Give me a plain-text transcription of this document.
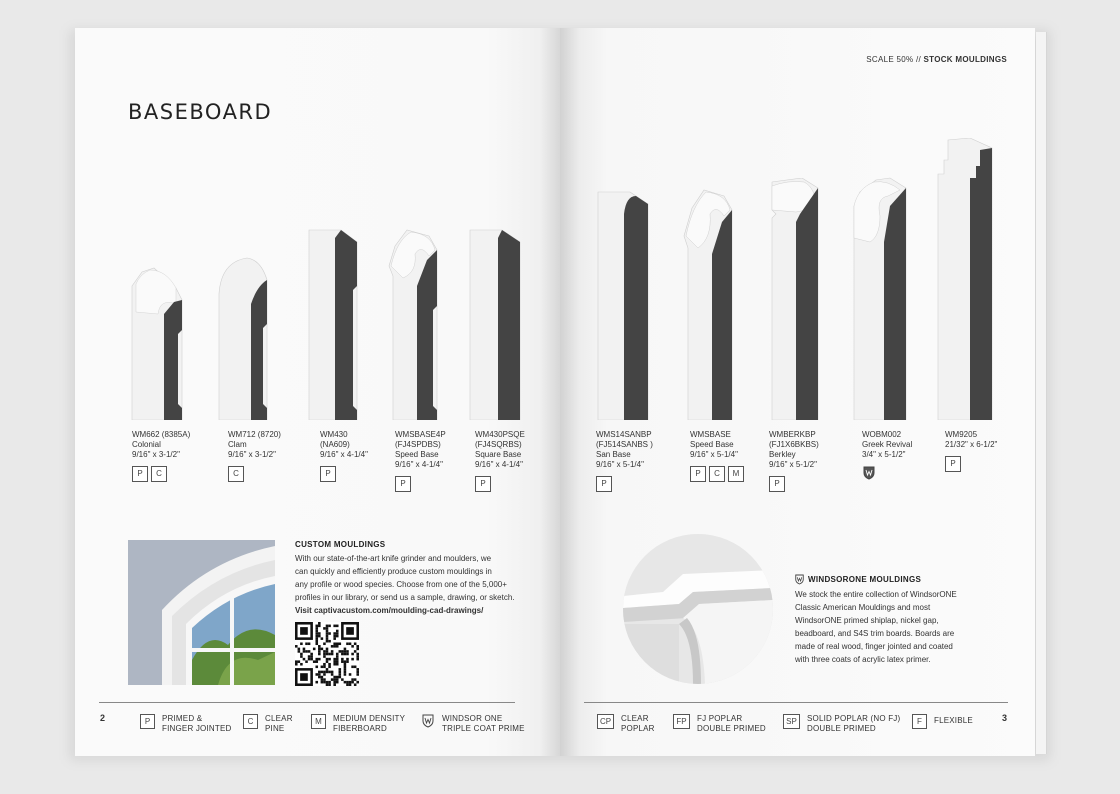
BASEBOARD
WM662 (8385A)
Colonial
9/16" x 3-1/2"
P	C
WM712 (8720)
Clam
9/16" x 3-1/2"
C
WM430
(NA609)
9/16" x 4-1/4"
P
WMSBASE4P
(FJ4SPDBS)
Speed Base
9/16" x 4-1/4"
P
WM430PSQE
(FJ4SQRBS)
Square Base
9/16" x 4-1/4"
P
CUSTOM MOULDINGS
With our state-of-the-art knife grinder and moulders, we
can quickly and efficiently produce custom mouldings in
any profile or wood species. Choose from one of the 5,000+
profiles in our library, or send us a sample, drawing, or sketch.
Visit captivacustom.com/moulding-cad-drawings/
2	P	PRIMED &
FINGER JOINTED
C	CLEAR
PINE
M	MEDIUM DENSITY
FIBERBOARD
WINDSOR ONE
TRIPLE COAT PRIME
SCALE 50% // STOCK MOULDINGS
WMS14SANBP
(FJ514SANBS )
San Base
9/16" x 5-1/4"
P
WMSBASE
Speed Base
9/16" x 5-1/4"
P	C	M
WMBERKBP
(FJ1X6BKBS)
Berkley
9/16" x 5-1/2"
P
WOBM002
Greek Revival
3/4" x 5-1/2"
WM9205
21/32" x 6-1/2"
P
WINDSORONE MOULDINGS
We stock the entire collection of WindsorONE
Classic American Mouldings and most
WindsorONE primed shiplap, nickel gap,
beadboard, and S4S trim boards. Boards are
made of real wood, finger jointed and coated
with three coats of acrylic latex primer.
3
CP	CLEAR
POPLAR
FP	FJ POPLAR
DOUBLE PRIMED
SP	SOLID POPLAR (NO FJ)
DOUBLE PRIMED
F	FLEXIBLE
